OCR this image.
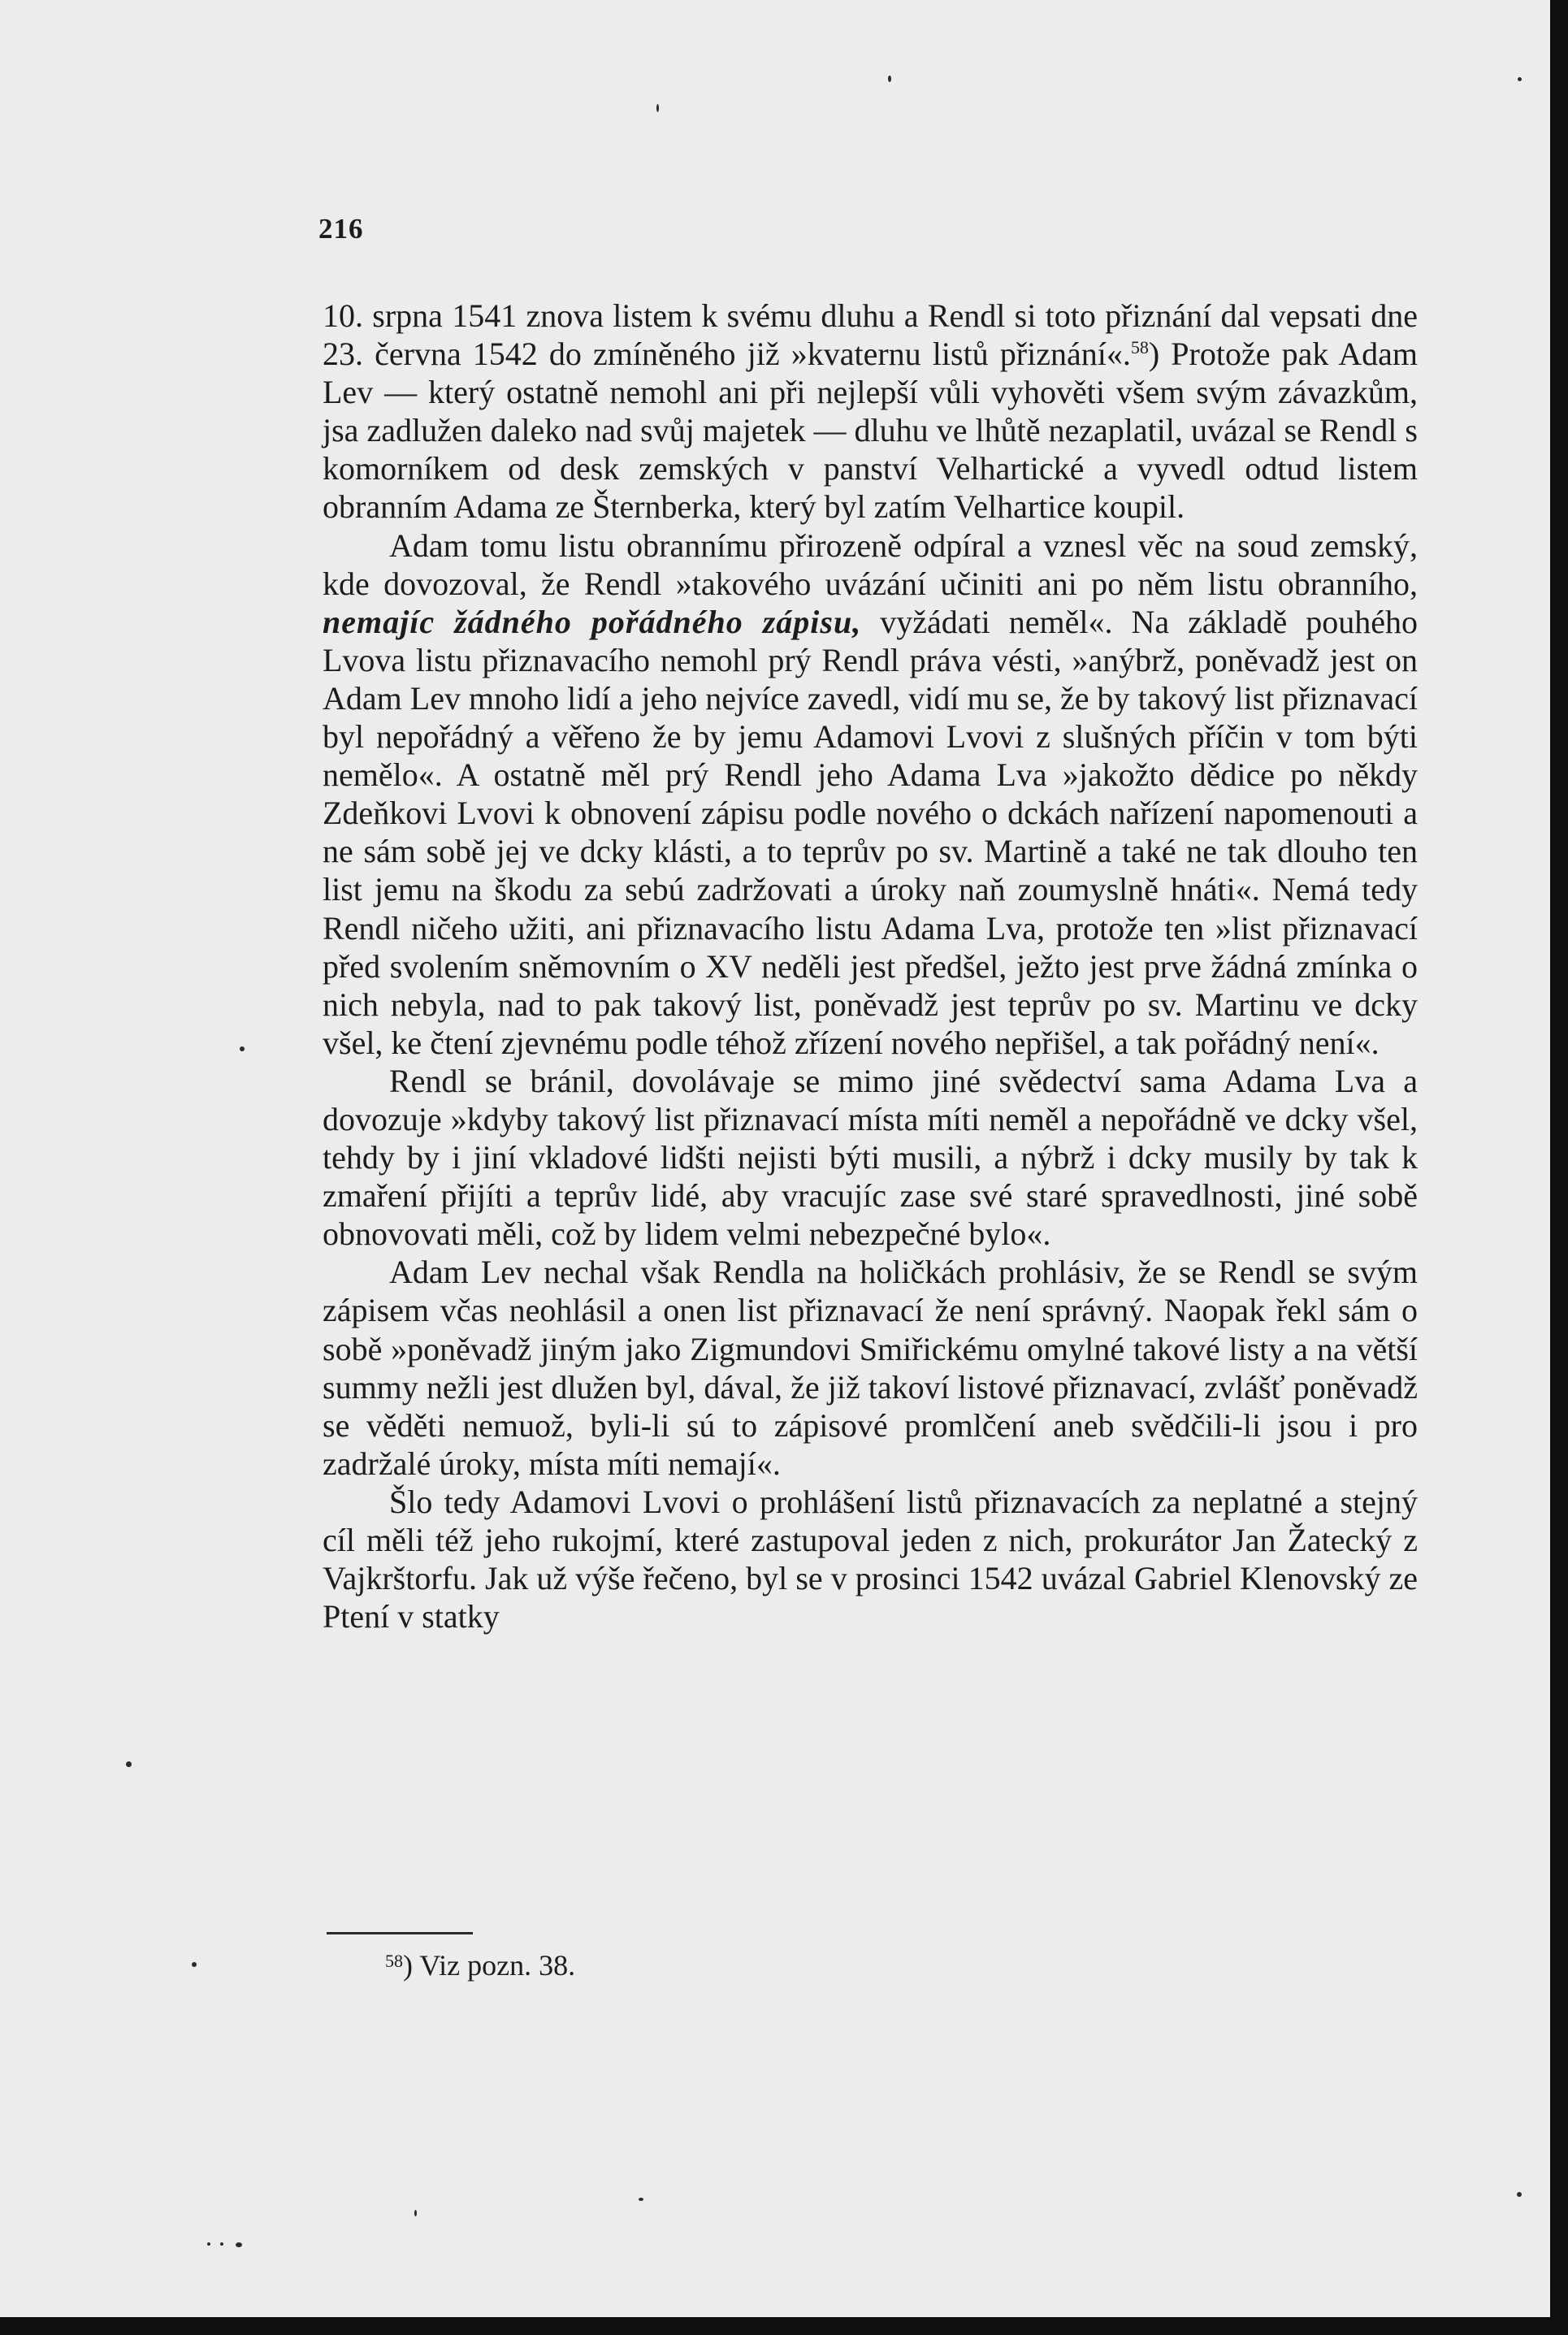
216

10. srpna 1541 znova listem k svému dluhu a Rendl si toto přiznání dal vepsati dne 23. června 1542 do zmíněného již »kvaternu listů přiznání«.$^{58}$) Protože pak Adam Lev — který ostatně nemohl ani při nejlepší vůli vyhověti všem svým závazkům, jsa zadlužen daleko nad svůj majetek — dluhu ve lhůtě nezaplatil, uvázal se Rendl s komorníkem od desk zemských v panství Velhartické a vyvedl odtud listem obranním Adama ze Šternberka, který byl zatím Velhartice koupil.

Adam tomu listu obrannímu přirozeně odpíral a vznesl věc na soud zemský, kde dovozoval, že Rendl »takového uvázání učiniti ani po něm listu obranního, nemajíc žádného pořádného zápisu, vyžádati neměl«. Na základě pouhého Lvova listu přiznavacího nemohl prý Rendl práva vésti, »anýbrž, poněvadž jest on Adam Lev mnoho lidí a jeho nejvíce zavedl, vidí mu se, že by takový list přiznavací byl nepořádný a věřeno že by jemu Adamovi Lvovi z slušných příčin v tom býti nemělo«. A ostatně měl prý Rendl jeho Adama Lva »jakožto dědice po někdy Zdeňkovi Lvovi k obnovení zápisu podle nového o dckách nařízení napomenouti a ne sám sobě jej ve dcky klásti, a to teprův po sv. Martině a také ne tak dlouho ten list jemu na škodu za sebú zadržovati a úroky naň zoumyslně hnáti«. Nemá tedy Rendl ničeho užiti, ani přiznavacího listu Adama Lva, protože ten »list přiznavací před svolením sněmovním o XV neděli jest předšel, ježto jest prve žádná zmínka o nich nebyla, nad to pak takový list, poněvadž jest teprův po sv. Martinu ve dcky všel, ke čtení zjevnému podle téhož zřízení nového nepřišel, a tak pořádný není«.

Rendl se bránil, dovolávaje se mimo jiné svědectví sama Adama Lva a dovozuje »kdyby takový list přiznavací místa míti neměl a nepořádně ve dcky všel, tehdy by i jiní vkladové lidšti nejisti býti musili, a nýbrž i dcky musily by tak k zmaření přijíti a teprův lidé, aby vracujíc zase své staré spravedlnosti, jiné sobě obnovovati měli, což by lidem velmi nebezpečné bylo«.

Adam Lev nechal však Rendla na holičkách prohlásiv, že se Rendl se svým zápisem včas neohlásil a onen list přiznavací že není správný. Naopak řekl sám o sobě »poněvadž jiným jako Zigmundovi Smiřickému omylné takové listy a na větší summy nežli jest dlužen byl, dával, že již takoví listové přiznavací, zvlášť poněvadž se věděti nemuož, byli-li sú to zápisové promlčení aneb svědčili-li jsou i pro zadržalé úroky, místa míti nemají«.

Šlo tedy Adamovi Lvovi o prohlášení listů přiznavacích za neplatné a stejný cíl měli též jeho rukojmí, které zastupoval jeden z nich, prokurátor Jan Žatecký z Vajkrštorfu. Jak už výše řečeno, byl se v prosinci 1542 uvázal Gabriel Klenovský ze Ptení v statky

$^{58}$) Viz pozn. 38.
